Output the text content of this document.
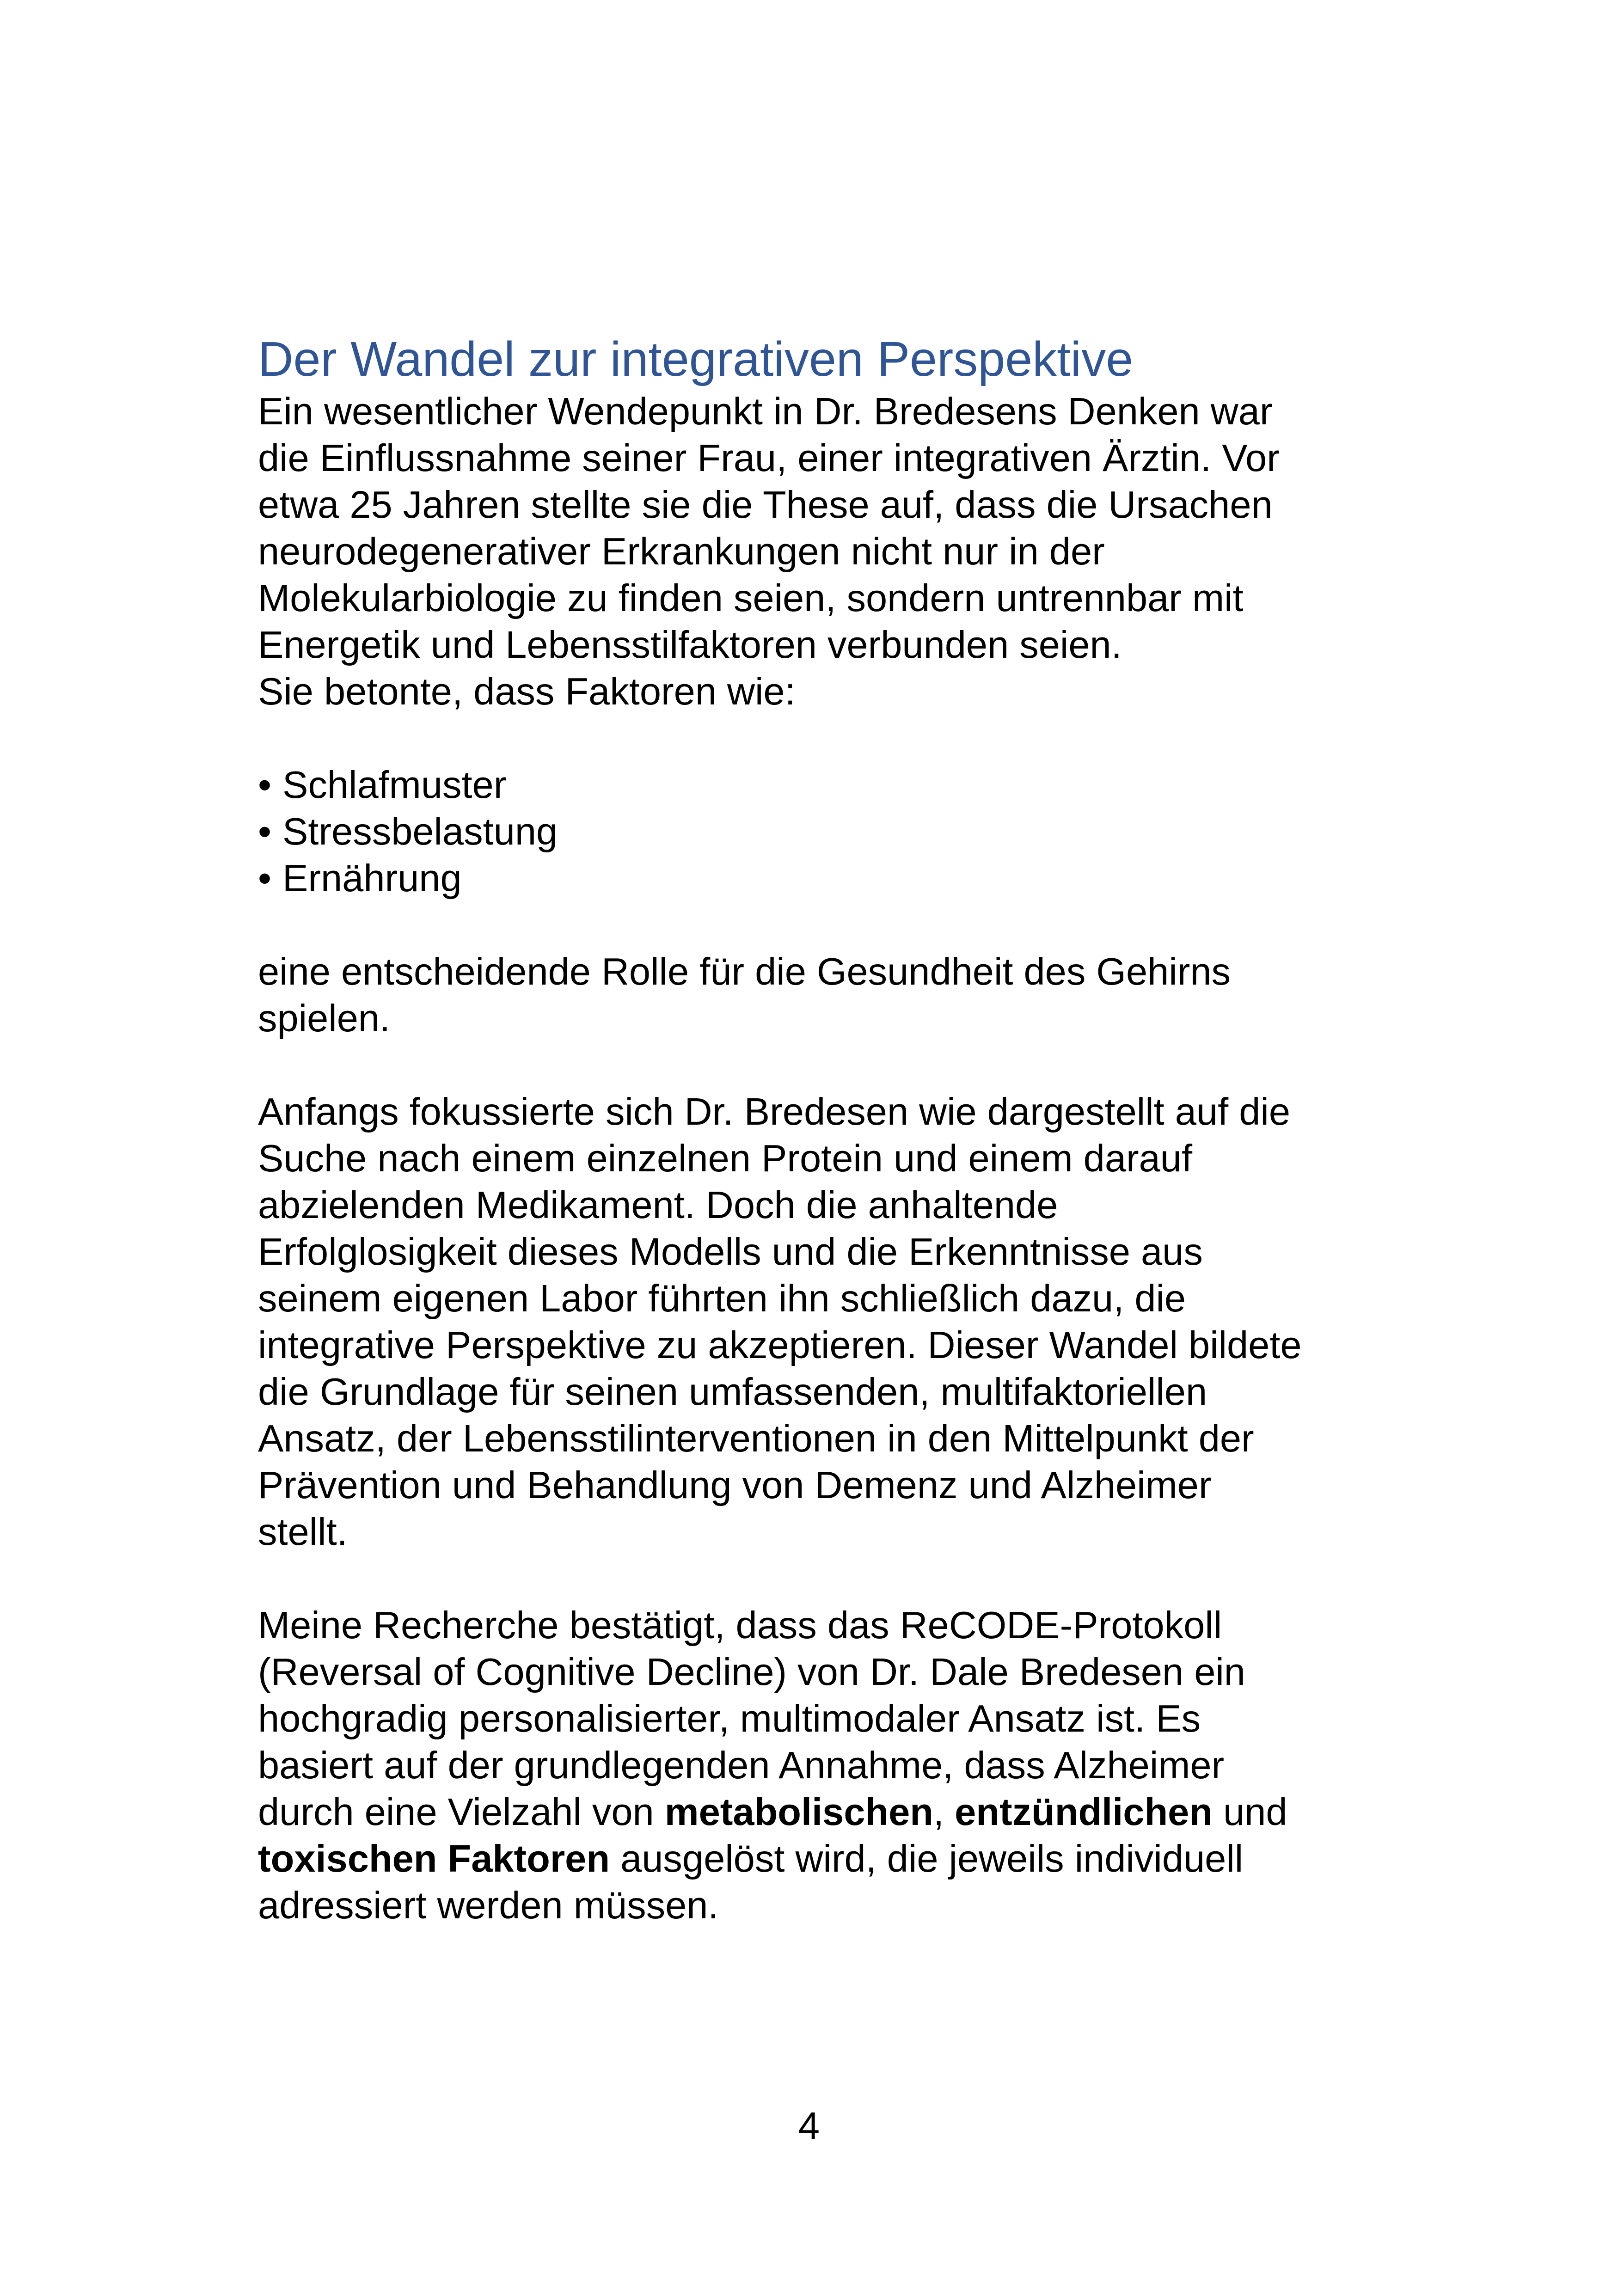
Der Wandel zur integrativen Perspektive
Ein wesentlicher Wendepunkt in Dr. Bredesens Denken war
die Einflussnahme seiner Frau, einer integrativen Ärztin. Vor
etwa 25 Jahren stellte sie die These auf, dass die Ursachen
neurodegenerativer Erkrankungen nicht nur in der
Molekularbiologie zu finden seien, sondern untrennbar mit
Energetik und Lebensstilfaktoren verbunden seien.
Sie betonte, dass Faktoren wie:
• Schlafmuster
• Stressbelastung
• Ernährung
eine entscheidende Rolle für die Gesundheit des Gehirns
spielen.
Anfangs fokussierte sich Dr. Bredesen wie dargestellt auf die
Suche nach einem einzelnen Protein und einem darauf
abzielenden Medikament. Doch die anhaltende
Erfolglosigkeit dieses Modells und die Erkenntnisse aus
seinem eigenen Labor führten ihn schließlich dazu, die
integrative Perspektive zu akzeptieren. Dieser Wandel bildete
die Grundlage für seinen umfassenden, multifaktoriellen
Ansatz, der Lebensstilinterventionen in den Mittelpunkt der
Prävention und Behandlung von Demenz und Alzheimer
stellt.
Meine Recherche bestätigt, dass das ReCODE-Protokoll
(Reversal of Cognitive Decline) von Dr. Dale Bredesen ein
hochgradig personalisierter, multimodaler Ansatz ist. Es
basiert auf der grundlegenden Annahme, dass Alzheimer
durch eine Vielzahl von metabolischen, entzündlichen und
toxischen Faktoren ausgelöst wird, die jeweils individuell
adressiert werden müssen.
4
